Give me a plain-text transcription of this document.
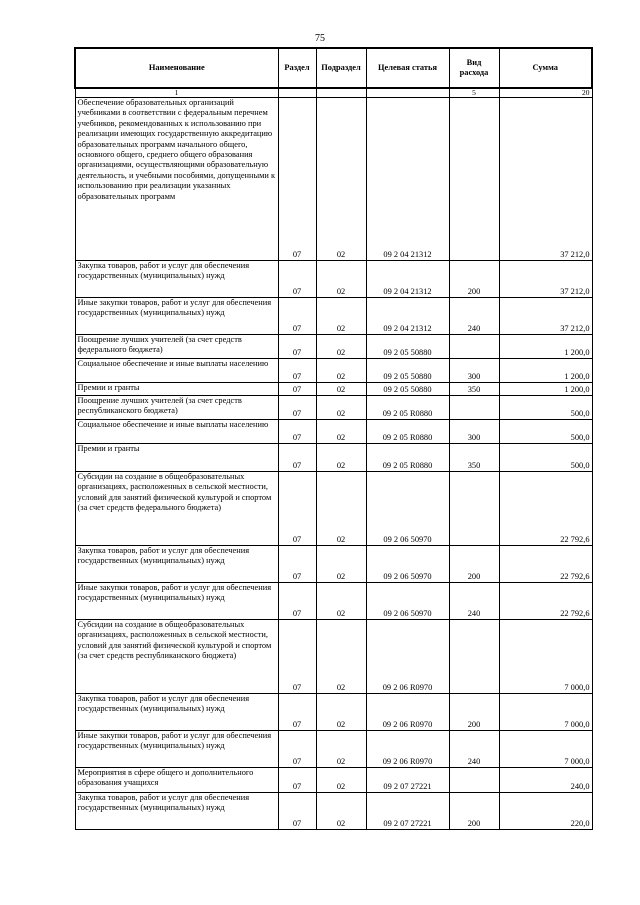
75
Наименование	Раздел	Подраздел	Целевая статья	Вид расхода	Сумма
1				5	20
Обеспечение образовательных организаций учебниками в соответствии с федеральным перечнем учебников, рекомендованных к использованию при реализации имеющих государственную аккредитацию образовательных программ начального общего, основного общего, среднего общего образования организациями, осуществляющими образовательную деятельность, и учебными пособиями, допущенными к использованию при реализации указанных образовательных программ	07	02	09 2 04 21312		37 212,0
Закупка товаров, работ и услуг для обеспечения государственных (муниципальных) нужд	07	02	09 2 04 21312	200	37 212,0
Иные закупки товаров, работ и услуг для обеспечения государственных (муниципальных) нужд	07	02	09 2 04 21312	240	37 212,0
Поощрение лучших учителей (за счет средств федерального бюджета)	07	02	09 2 05 50880		1 200,0
Социальное обеспечение и иные выплаты населению	07	02	09 2 05 50880	300	1 200,0
Премии и гранты	07	02	09 2 05 50880	350	1 200,0
Поощрение лучших учителей (за счет средств республиканского бюджета)	07	02	09 2 05 R0880		500,0
Социальное обеспечение и иные выплаты населению	07	02	09 2 05 R0880	300	500,0
Премии и гранты	07	02	09 2 05 R0880	350	500,0
Субсидии на создание в общеобразовательных организациях, расположенных в сельской местности, условий для занятий физической культурой и спортом (за счет средств федерального бюджета)	07	02	09 2 06 50970		22 792,6
Закупка товаров, работ и услуг для обеспечения государственных (муниципальных) нужд	07	02	09 2 06 50970	200	22 792,6
Иные закупки товаров, работ и услуг для обеспечения государственных (муниципальных) нужд	07	02	09 2 06 50970	240	22 792,6
Субсидии на создание в общеобразовательных организациях, расположенных в сельской местности, условий для занятий физической культурой и спортом (за счет средств республиканского бюджета)	07	02	09 2 06 R0970		7 000,0
Закупка товаров, работ и услуг для обеспечения государственных (муниципальных) нужд	07	02	09 2 06 R0970	200	7 000,0
Иные закупки товаров, работ и услуг для обеспечения государственных (муниципальных) нужд	07	02	09 2 06 R0970	240	7 000,0
Мероприятия в сфере общего и дополнительного образования учащихся	07	02	09 2 07 27221		240,0
Закупка товаров, работ и услуг для обеспечения государственных (муниципальных) нужд	07	02	09 2 07 27221	200	220,0
